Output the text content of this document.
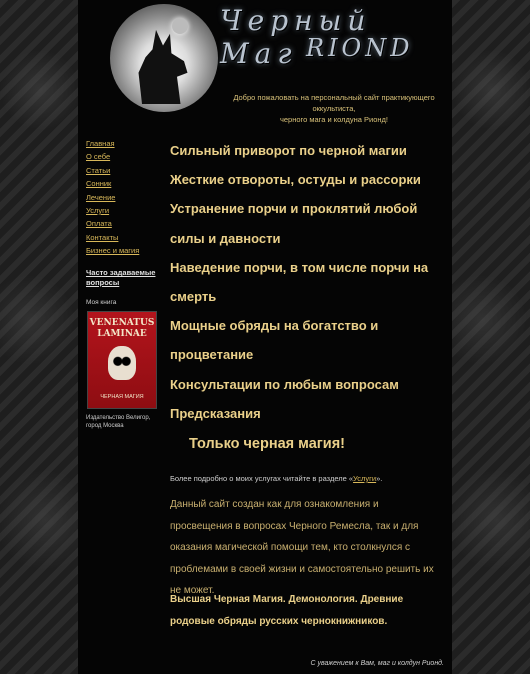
Черный Маг RIOND
Добро пожаловать на персональный сайт практикующего оккультиста,
черного мага и колдуна Рионд!
Главная
О себе
Статьи
Сонник
Лечение
Услуги
Оплата
Контакты
Бизнес и магия
Часто задаваемые вопросы
Моя книга
VENENATUS
LAMINAE
ЧЕРНАЯ МАГИЯ
Издательство Велигор, город Москва

Сильный приворот по черной магии

Жесткие отвороты, остуды и рассорки

Устранение порчи и проклятий любой силы и давности

Наведение порчи, в том числе порчи на смерть

Мощные обряды на богатство и процветание

Консультации по любым вопросам

Предсказания

Только черная магия!
Более подробно о моих услугах читайте в разделе «Услуги».
Данный сайт создан как для ознакомления и просвещения в вопросах Черного Ремесла, так и для оказания магической помощи тем, кто столкнулся с проблемами в своей жизни и самостоятельно решить их не может.
Высшая Черная Магия. Демонология. Древние родовые обряды русских чернокнижников.
С уважением к Вам, маг и колдун Рионд.
